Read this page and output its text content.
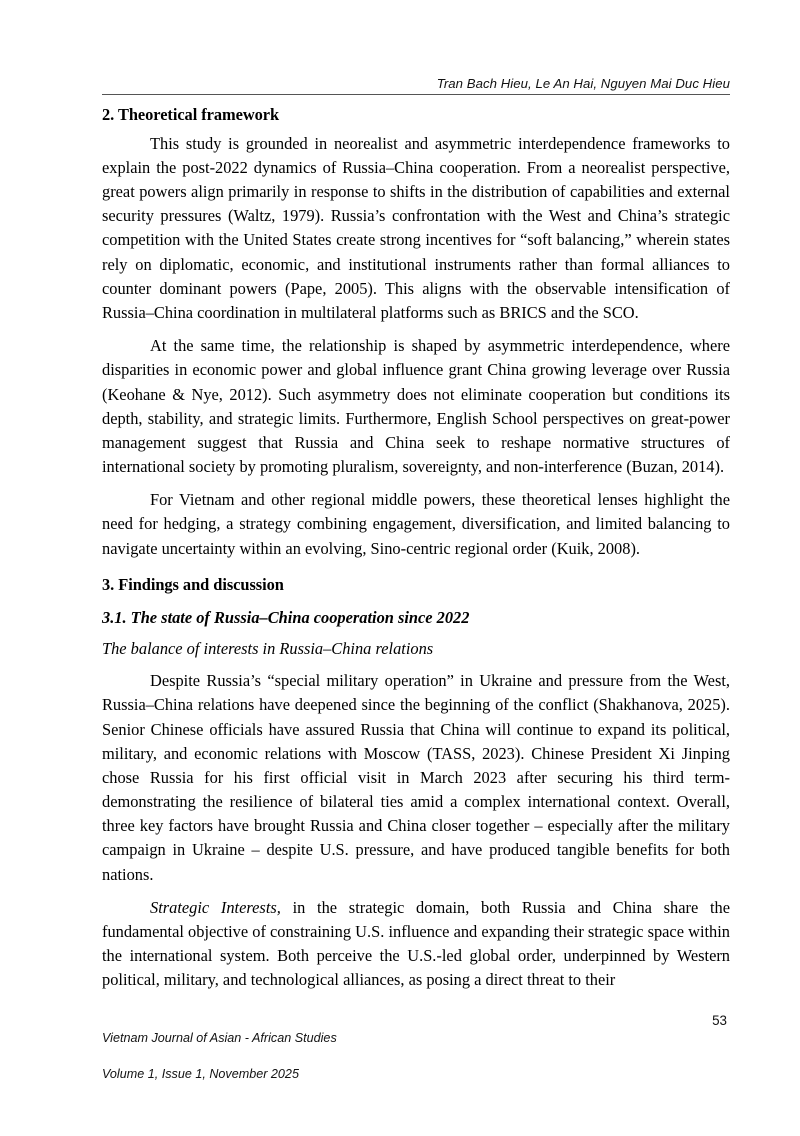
Tran Bach Hieu, Le An Hai, Nguyen Mai Duc Hieu
2. Theoretical framework

This study is grounded in neorealist and asymmetric interdependence frameworks to explain the post-2022 dynamics of Russia–China cooperation. From a neorealist perspective, great powers align primarily in response to shifts in the distribution of capabilities and external security pressures (Waltz, 1979). Russia’s confrontation with the West and China’s strategic competition with the United States create strong incentives for “soft balancing,” wherein states rely on diplomatic, economic, and institutional instruments rather than formal alliances to counter dominant powers (Pape, 2005). This aligns with the observable intensification of Russia–China coordination in multilateral platforms such as BRICS and the SCO.

At the same time, the relationship is shaped by asymmetric interdependence, where disparities in economic power and global influence grant China growing leverage over Russia (Keohane & Nye, 2012). Such asymmetry does not eliminate cooperation but conditions its depth, stability, and strategic limits. Furthermore, English School perspectives on great-power management suggest that Russia and China seek to reshape normative structures of international society by promoting pluralism, sovereignty, and non-interference (Buzan, 2014).

For Vietnam and other regional middle powers, these theoretical lenses highlight the need for hedging, a strategy combining engagement, diversification, and limited balancing to navigate uncertainty within an evolving, Sino-centric regional order (Kuik, 2008).

3. Findings and discussion
3.1. The state of Russia–China cooperation since 2022

The balance of interests in Russia–China relations

Despite Russia’s “special military operation” in Ukraine and pressure from the West, Russia–China relations have deepened since the beginning of the conflict (Shakhanova, 2025). Senior Chinese officials have assured Russia that China will continue to expand its political, military, and economic relations with Moscow (TASS, 2023). Chinese President Xi Jinping chose Russia for his first official visit in March 2023 after securing his third term- demonstrating the resilience of bilateral ties amid a complex international context. Overall, three key factors have brought Russia and China closer together – especially after the military campaign in Ukraine – despite U.S. pressure, and have produced tangible benefits for both nations.

Strategic Interests, in the strategic domain, both Russia and China share the fundamental objective of constraining U.S. influence and expanding their strategic space within the international system. Both perceive the U.S.-led global order, underpinned by Western political, military, and technological alliances, as posing a direct threat to their

Vietnam Journal of Asian - African Studies

Volume 1, Issue 1, November 2025

53
